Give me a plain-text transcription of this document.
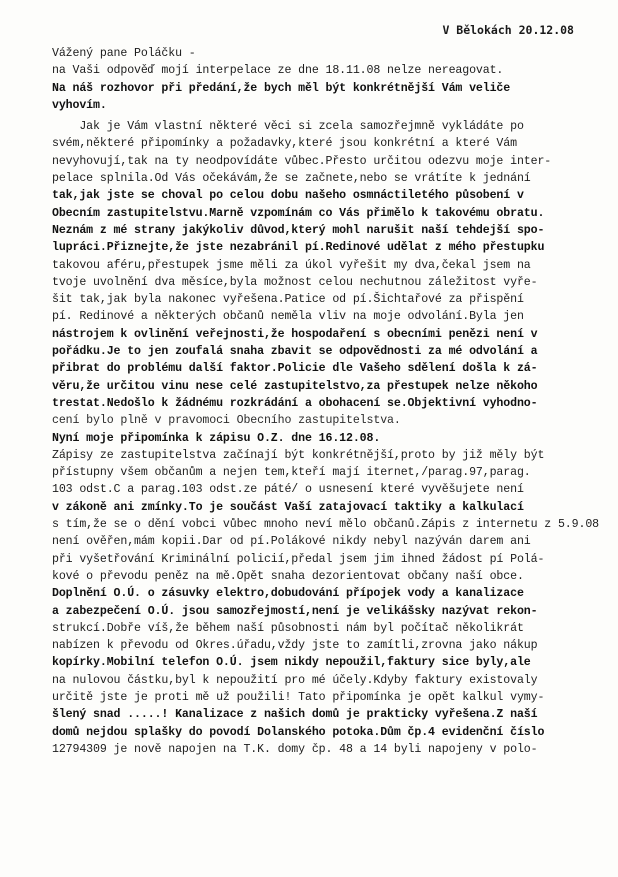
V Bělokách 20.12.08
Vážený pane Poláčku -
na Vaši odpověď mojí interpelace ze dne 18.11.08 nelze nereagovat.
Na náš rozhovor při předání,že bych měl být konkrétnější Vám veliče
vyhovím.
Jak je Vám vlastní některé věci si zcela samozřejmně vykládáte po
svém,některé připomínky a požadavky,které jsou konkrétní a které Vám
nevyhovují,tak na ty neodpovídáte vůbec.Přesto určitou odezvu moje inter-
pelace splnila.Od Vás očekávám,že se začnete,nebo se vrátíte k jednání
tak,jak jste se choval po celou dobu našeho osmnáctiletého působení v
Obecním zastupitelstvu.Marně vzpomínám co Vás přimělo k takovému obratu.
Neznám z mé strany jakýkoliv důvod,který mohl narušit naší tehdejší spo-
lupráci.Přiznejte,že jste nezabránil pí.Redinové udělat z mého přestupku
takovou aféru,přestupek jsme měli za úkol vyřešit my dva,čekal jsem na
tvoje uvolnění dva měsíce,byla možnost celou nechutnou záležitost vyře-
šit tak,jak byla nakonec vyřešena.Patice od pí.Šichtařové za přispění
pí. Redinové a některých občanů neměla vliv na moje odvolání.Byla jen
nástrojem k ovlinění veřejnosti,že hospodaření s obecními penězi není v
pořádku.Je to jen zoufalá snaha zbavit se odpovědnosti za mé odvolání a
přibrat do problému další faktor.Policie dle Vašeho sdělení došla k zá-
věru,že určitou vinu nese celé zastupitelstvo,za přestupek nelze někoho
trestat.Nedošlo k žádnému rozkrádání a obohacení se.Objektivní vyhodno-
cení bylo plně v pravomoci Obecního zastupitelstva.
Nyní moje připomínka k zápisu O.Z. dne 16.12.08.
Zápisy ze zastupitelstva začínají být konkrétnější,proto by již měly být
přístupny všem občanům a nejen tem,kteří mají iternet,/parag.97,parag.
103 odst.C a parag.103 odst.ze páté/ o usnesení které vyvěšujete není
v zákoně ani zmínky.To je součást Vaší zatajovací taktiky a kalkulací
s tím,že se o dění vobci vůbec mnoho neví mělo občanů.Zápis z internetu z 5.9.08
není ověřen,mám kopii.Dar od pí.Polákové nikdy nebyl nazýván darem ani
při vyšetřování Kriminální policií,předal jsem jim ihned žádost pí Polá-
kové o převodu peněz na mě.Opět snaha dezorientovat občany naší obce.
Doplnění O.Ú. o zásuvky elektro,dobudování přípojek vody a kanalizace
a zabezpečení O.Ú. jsou samozřejmostí,není je velikášsky nazývat rekon-
strukcí.Dobře víš,že během naší působnosti nám byl počítač několikrát
nabízen k převodu od Okres.úřadu,vždy jste to zamítli,zrovna jako nákup
kopírky.Mobilní telefon O.Ú. jsem nikdy nepoužil,faktury sice byly,ale
na nulovou částku,byl k nepoužití pro mé účely.Kdyby faktury existovaly
určitě jste je proti mě už použili! Tato připomínka je opět kalkul vymy-
šlený snad .....! Kanalizace z našich domů je prakticky vyřešena.Z naší
domů nejdou splašky do povodí Dolanského potoka.Dům čp.4 evidenční číslo
12794309 je nově napojen na T.K. domy čp. 48 a 14 byli napojeny v polo-
